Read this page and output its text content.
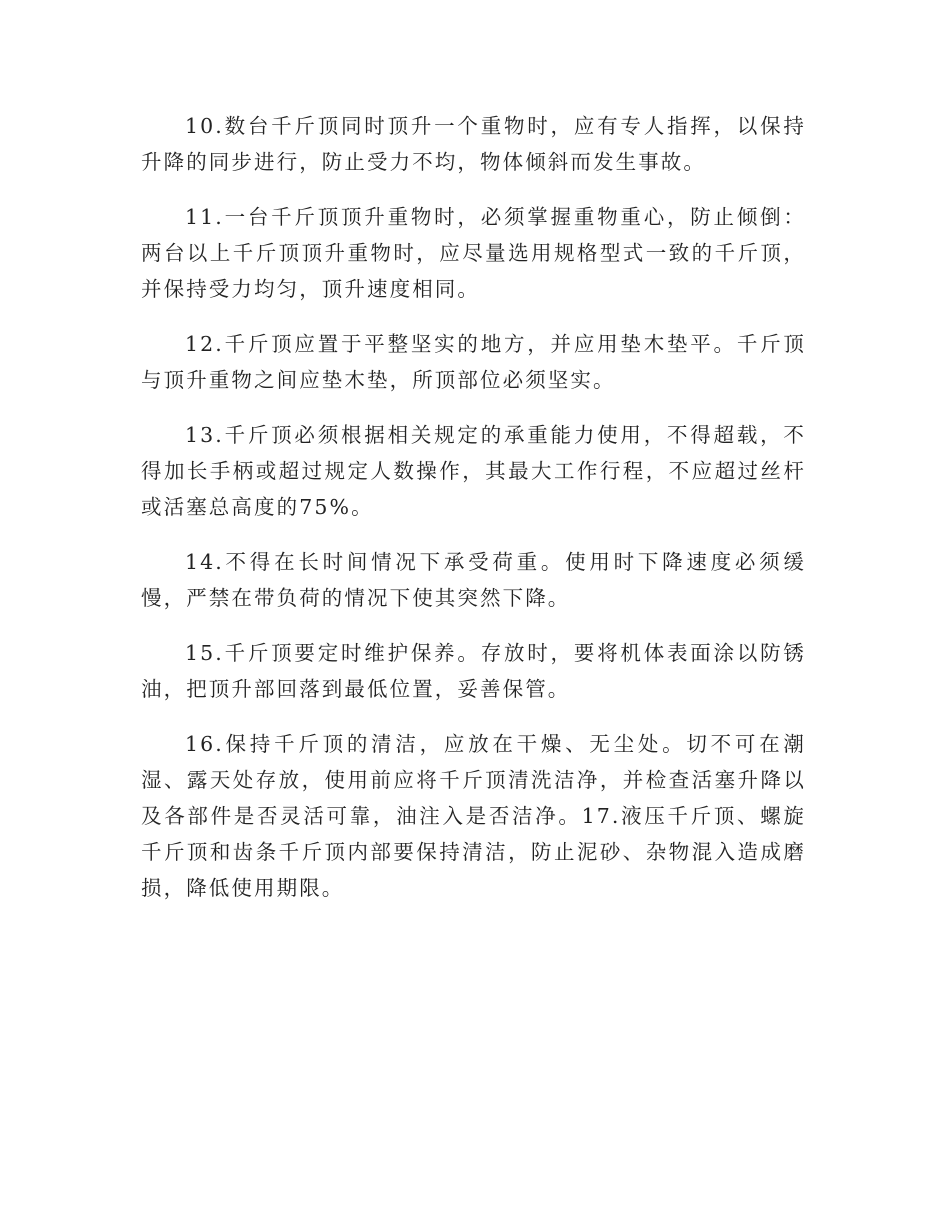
10.数台千斤顶同时顶升一个重物时，应有专人指挥，以保持升降的同步进行，防止受力不均，物体倾斜而发生事故。

11.一台千斤顶顶升重物时，必须掌握重物重心，防止倾倒：两台以上千斤顶顶升重物时，应尽量选用规格型式一致的千斤顶，并保持受力均匀，顶升速度相同。

12.千斤顶应置于平整坚实的地方，并应用垫木垫平。千斤顶与顶升重物之间应垫木垫，所顶部位必须坚实。

13.千斤顶必须根据相关规定的承重能力使用，不得超载，不得加长手柄或超过规定人数操作，其最大工作行程，不应超过丝杆或活塞总高度的75%。

14.不得在长时间情况下承受荷重。使用时下降速度必须缓慢，严禁在带负荷的情况下使其突然下降。

15.千斤顶要定时维护保养。存放时，要将机体表面涂以防锈油，把顶升部回落到最低位置，妥善保管。

16.保持千斤顶的清洁，应放在干燥、无尘处。切不可在潮湿、露天处存放，使用前应将千斤顶清洗洁净，并检查活塞升降以及各部件是否灵活可靠，油注入是否洁净。17.液压千斤顶、螺旋千斤顶和齿条千斤顶内部要保持清洁，防止泥砂、杂物混入造成磨损，降低使用期限。
